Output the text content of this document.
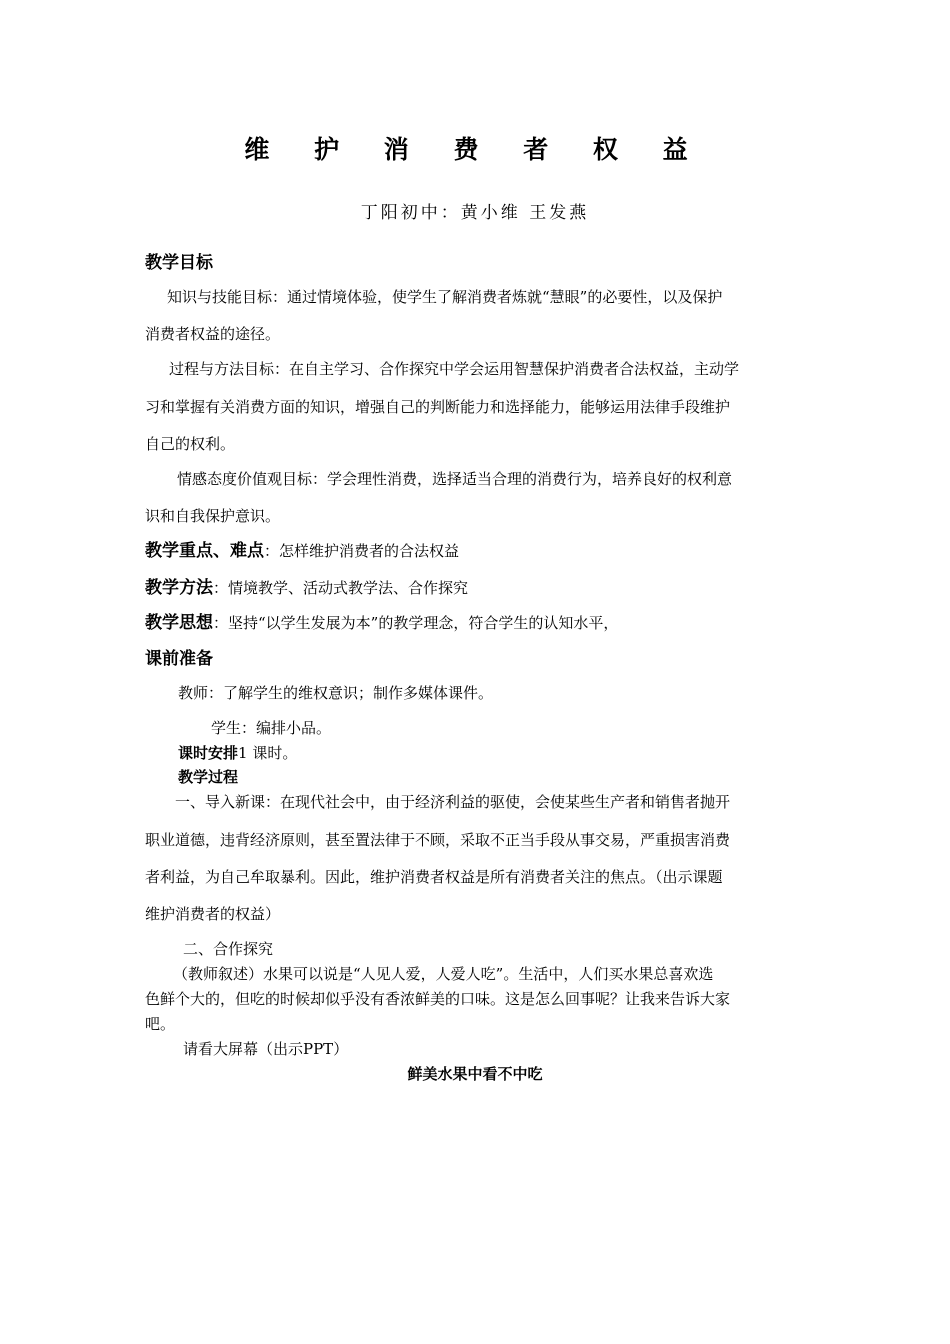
维 护 消 费 者 权 益
丁阳初中：黄小维 王发燕
教学目标
知识与技能目标：通过情境体验，使学生了解消费者炼就“慧眼”的必要性，以及保护
消费者权益的途径。
过程与方法目标：在自主学习、合作探究中学会运用智慧保护消费者合法权益，主动学
习和掌握有关消费方面的知识，增强自己的判断能力和选择能力，能够运用法律手段维护
自己的权利。
情感态度价值观目标：学会理性消费，选择适当合理的消费行为，培养良好的权利意
识和自我保护意识。
教学重点、难点：怎样维护消费者的合法权益
教学方法：情境教学、活动式教学法、合作探究
教学思想：坚持“以学生发展为本”的教学理念，符合学生的认知水平，
课前准备
教师：了解学生的维权意识；制作多媒体课件。
学生：编排小品。
课时安排1 课时。
教学过程
一、导入新课：在现代社会中，由于经济利益的驱使，会使某些生产者和销售者抛开
职业道德，违背经济原则，甚至置法律于不顾，采取不正当手段从事交易，严重损害消费
者利益，为自己牟取暴利。因此，维护消费者权益是所有消费者关注的焦点。（出示课题
维护消费者的权益）
二、合作探究
（教师叙述）水果可以说是“人见人爱，人爱人吃”。生活中，人们买水果总喜欢选
色鲜个大的，但吃的时候却似乎没有香浓鲜美的口味。这是怎么回事呢？让我来告诉大家
吧。
请看大屏幕（出示PPT）
鲜美水果中看不中吃
